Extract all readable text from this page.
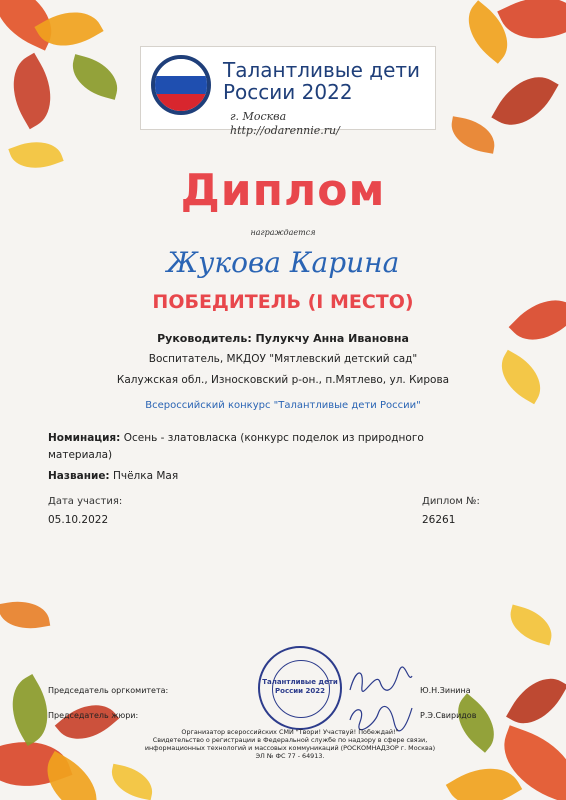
Талантливые дети России 2022
г. Москва
http://odarennie.ru/
Диплом
награждается
Жукова Карина
ПОБЕДИТЕЛЬ (I МЕСТО)
Руководитель: Пулукчу Анна Ивановна
Воспитатель, МКДОУ "Мятлевский детский сад"
Калужская обл., Износковский р-он., п.Мятлево, ул. Кирова
Всероссийский конкурс "Талантливые дети России"
Номинация: Осень - златовласка (конкурс поделок из природного материала)
Название: Пчёлка Мая
Дата участия:
05.10.2022
Диплом №:
26261
Талантливые дети России 2022
Председатель оргкомитета:	Ю.Н.Зинина
Председатель жюри:	Р.Э.Свиридов
Организатор всероссийских СМИ "Твори! Участвуй! Побеждай!"
Свидетельство о регистрации в Федеральной службе по надзору в сфере связи,
информационных технологий и массовых коммуникаций (РОСКОМНАДЗОР г. Москва)
ЭЛ № ФС 77 - 64913.
